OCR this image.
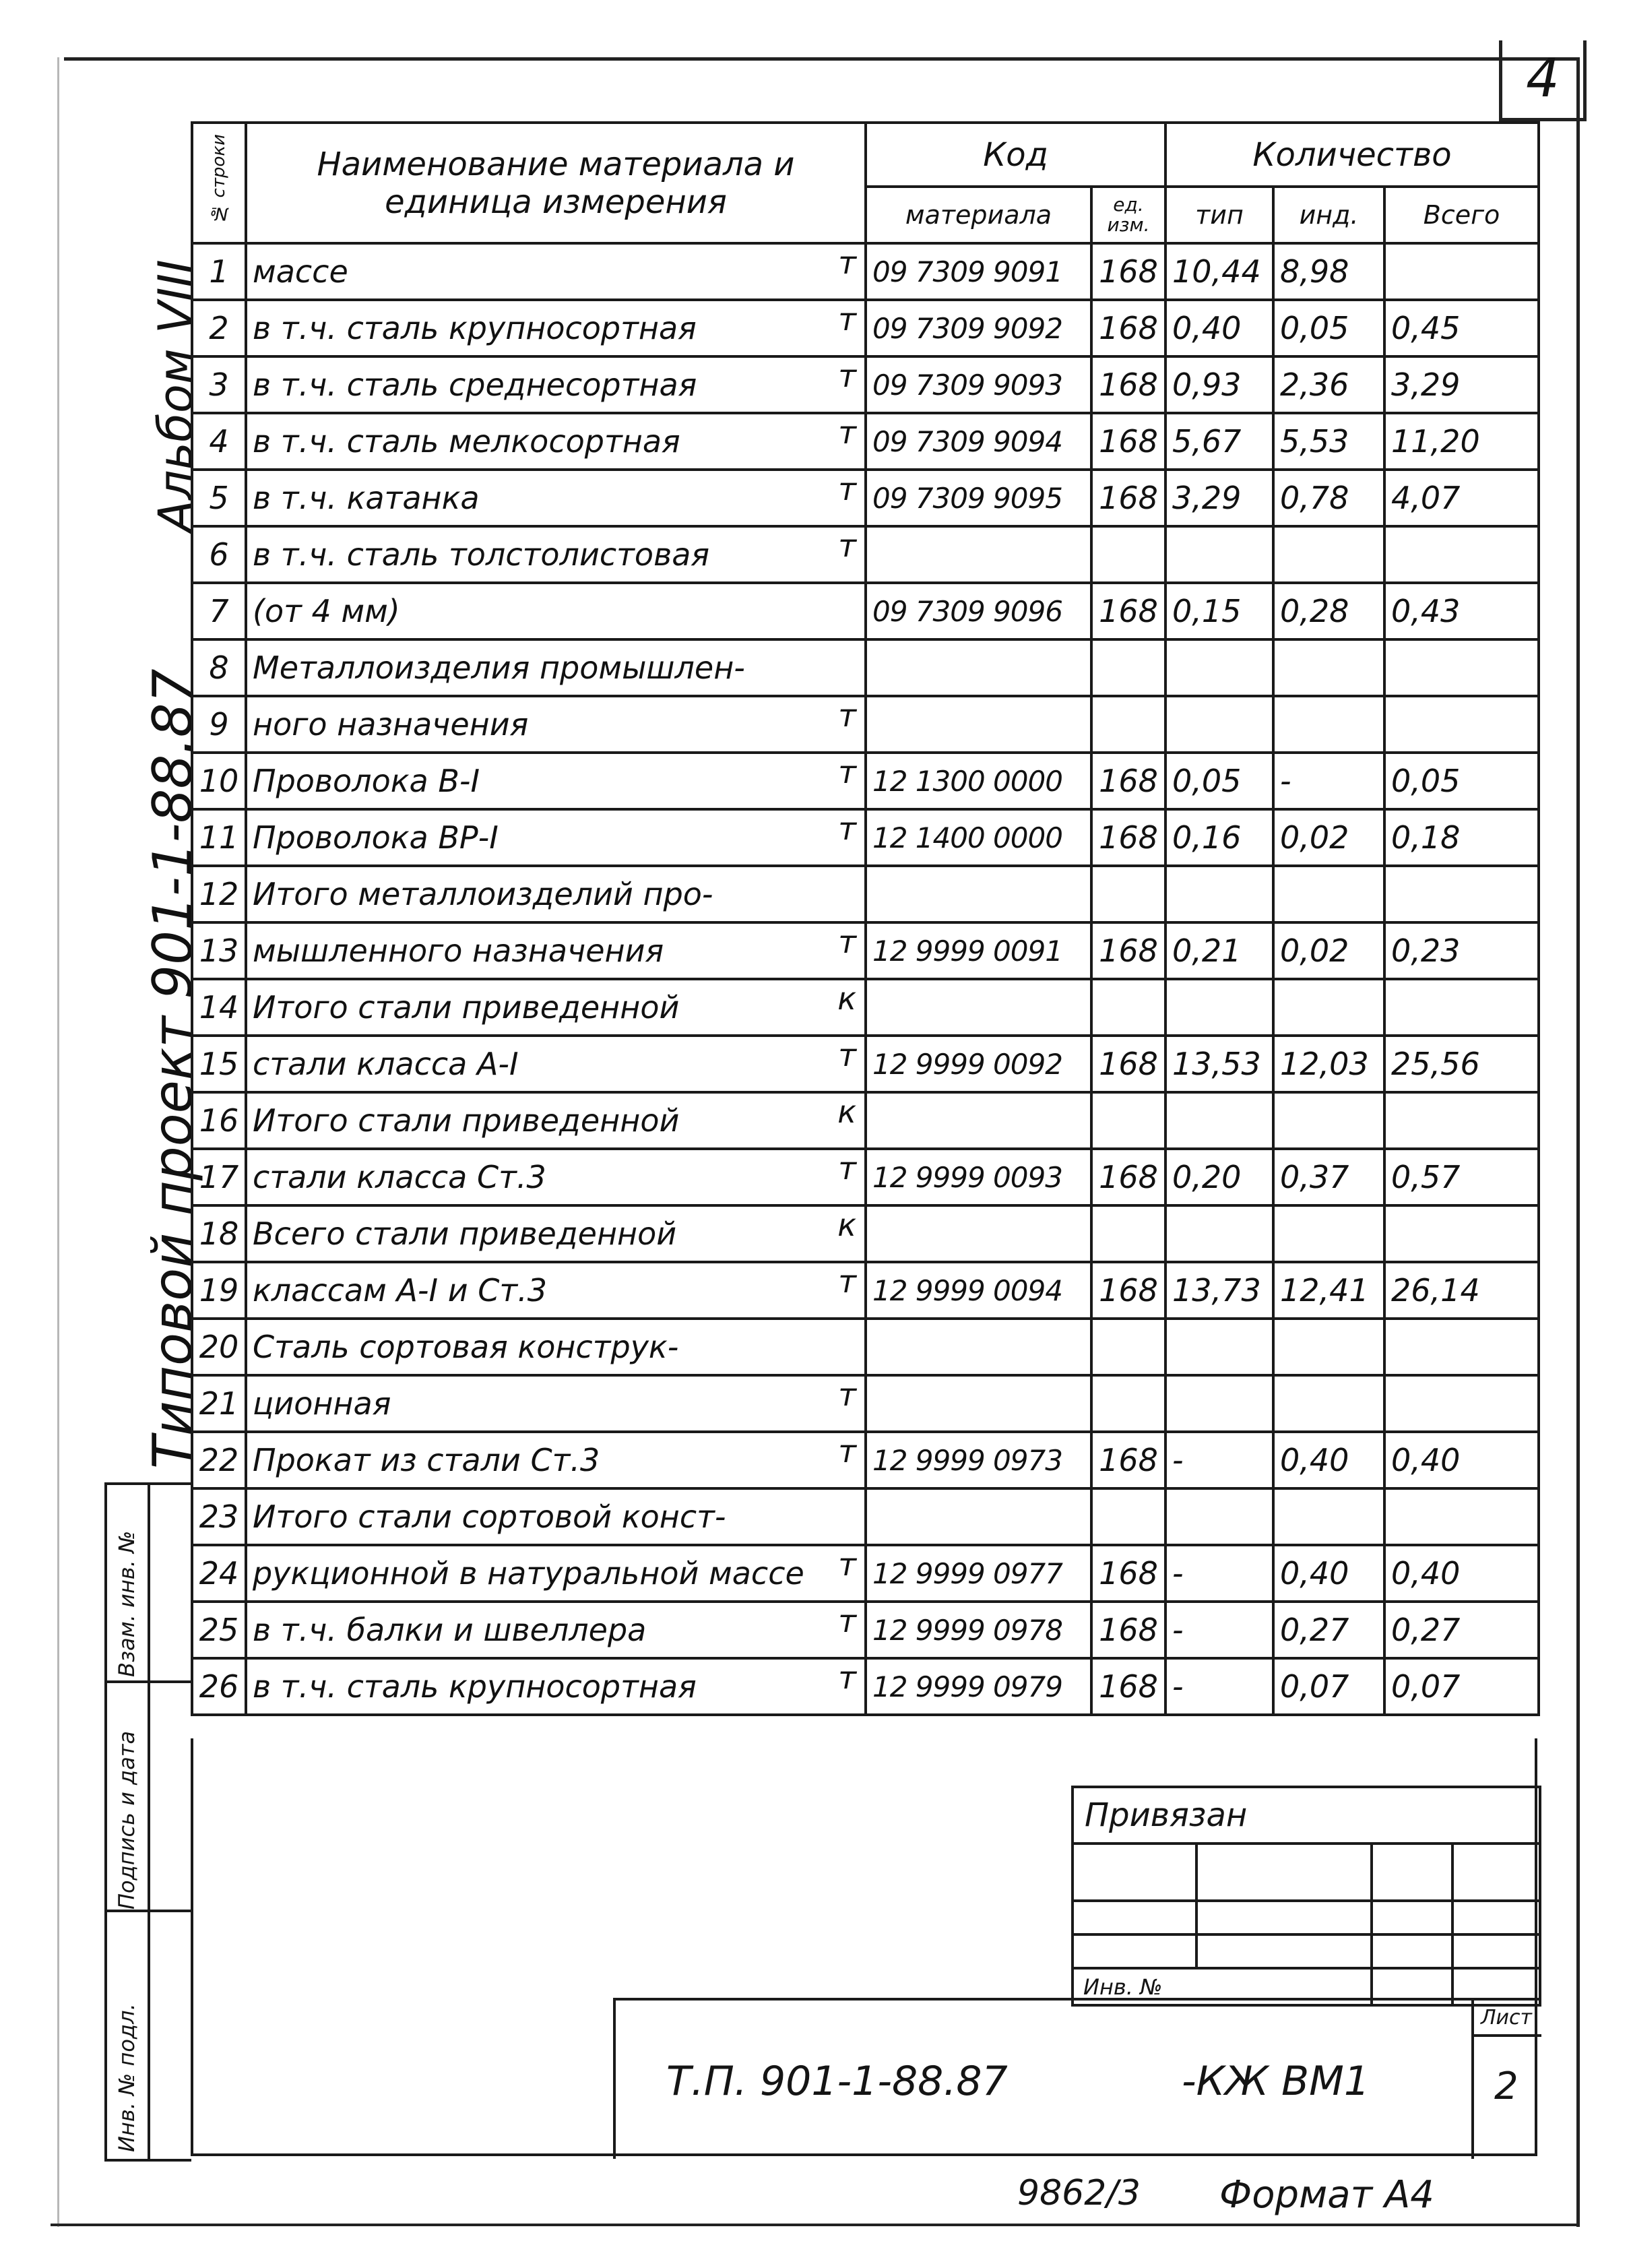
4
Альбом VIII
Типовой проект 901-1-88.87
№ строки	Наименование материала и единица измерения	Код		Количество		
		материала	ед. изм.	тип	инд.	Всего
1	массе т	09 7309 9091	168	10,44	8,98	
2	в т.ч. сталь крупносортная т	09 7309 9092	168	0,40	0,05	0,45
3	в т.ч. сталь среднесортная т	09 7309 9093	168	0,93	2,36	3,29
4	в т.ч. сталь мелкосортная т	09 7309 9094	168	5,67	5,53	11,20
5	в т.ч. катанка т	09 7309 9095	168	3,29	0,78	4,07
6	в т.ч. сталь толстолистовая т					

7	(от 4 мм)	09 7309 9096	168	0,15	0,28	0,43
8	Металлоизделия промышлен-

9	ного назначения т					

10	Проволока В-I т	12 1300 0000	168	0,05	-	0,05
11	Проволока ВР-I т	12 1400 0000	168	0,16	0,02	0,18
12	Итого металлоизделий про-

13	мышленного назначения т	12 9999 0091	168	0,21	0,02	0,23
14	Итого стали приведенной к					

15	стали класса А-I т	12 9999 0092	168	13,53	12,03	25,56
16	Итого стали приведенной к					

17	стали класса Ст.3 т	12 9999 0093	168	0,20	0,37	0,57
18	Всего стали приведенной к					

19	классам А-I и Ст.3 т	12 9999 0094	168	13,73	12,41	26,14
20	Сталь сортовая конструк-

21	ционная т					

22	Прокат из стали Ст.3 т	12 9999 0973	168	-	0,40	0,40
23	Итого стали сортовой конст-

24	рукционной в натуральной массе т	12 9999 0977	168	-	0,40	0,40
25	в т.ч. балки и швеллера т	12 9999 0978	168	-	0,27	0,27
26	в т.ч. сталь крупносортная т	12 9999 0979	168	-	0,07	0,07
Взам. инв. №
Подпись и дата
Инв. № подл.
Привязан
Инв. №
Т.П. 901-1-88.87	-КЖ ВМ1
Лист
2
9862/3 Формат А4
